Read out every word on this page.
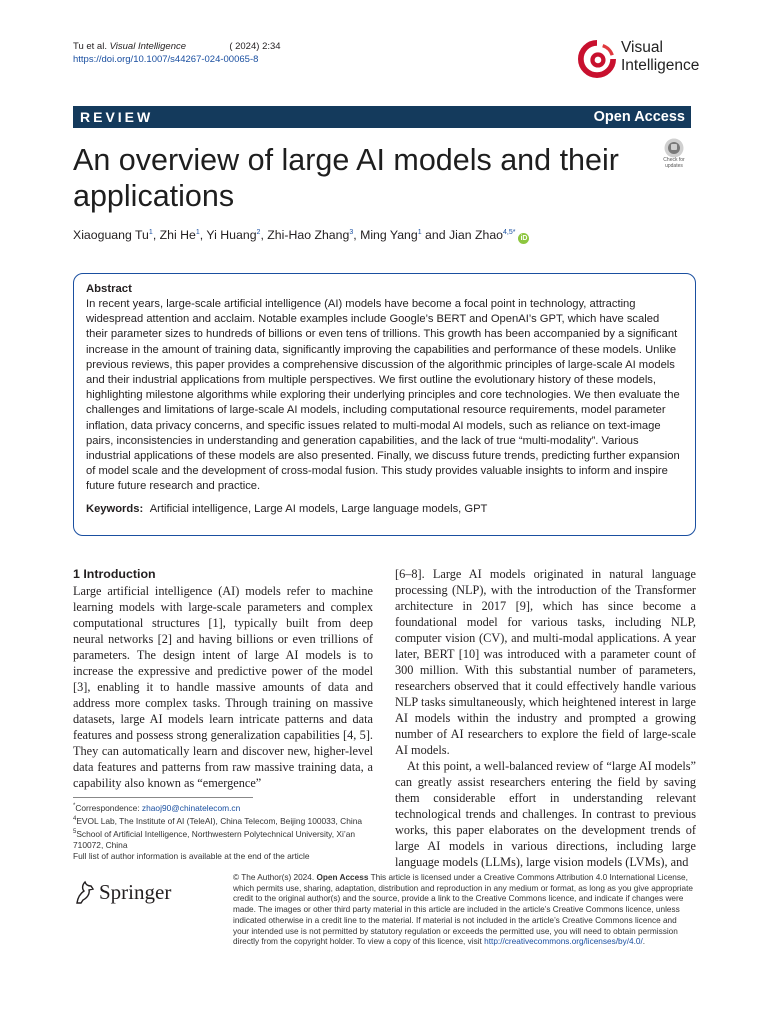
Tu et al. Visual Intelligence	( 2024) 2:34
https://doi.org/10.1007/s44267-024-00065-8
Visual
Intelligence
REVIEW	Open Access
An overview of large AI models and their applications
Check for
updates
Xiaoguang Tu$^1$, Zhi He$^1$, Yi Huang$^2$, Zhi-Hao Zhang$^3$, Ming Yang$^1$ and Jian Zhao$^{4,5*}$iD
Abstract

In recent years, large-scale artificial intelligence (AI) models have become a focal point in technology, attracting widespread attention and acclaim. Notable examples include Google’s BERT and OpenAI’s GPT, which have scaled their parameter sizes to hundreds of billions or even tens of trillions. This growth has been accompanied by a significant increase in the amount of training data, significantly improving the capabilities and performance of these models. Unlike previous reviews, this paper provides a comprehensive discussion of the algorithmic principles of large-scale AI models and their industrial applications from multiple perspectives. We first outline the evolutionary history of these models, highlighting milestone algorithms while exploring their underlying principles and core technologies. We then evaluate the challenges and limitations of large-scale AI models, including computational resource requirements, model parameter inflation, data privacy concerns, and specific issues related to multi-modal AI models, such as reliance on text-image pairs, inconsistencies in understanding and generation capabilities, and the lack of true “multi-modality”. Various industrial applications of these models are also presented. Finally, we discuss future trends, predicting further expansion of model scale and the development of cross-modal fusion. This study provides valuable insights to inform and inspire future future research and practice.

Keywords: Artificial intelligence, Large AI models, Large language models, GPT
1 Introduction

Large artificial intelligence (AI) models refer to machine learning models with large-scale parameters and complex computational structures [1], typically built from deep neural networks [2] and having billions or even trillions of parameters. The design intent of large AI models is to increase the expressive and predictive power of the model [3], enabling it to handle massive amounts of data and address more complex tasks. Through training on massive datasets, large AI models learn intricate patterns and data features and possess strong generalization capabilities [4, 5]. They can automatically learn and discover new, higher-level data features and patterns from raw massive training data, a capability also known as “emergence”

[6–8]. Large AI models originated in natural language processing (NLP), with the introduction of the Transformer architecture in 2017 [9], which has since become a foundational model for various tasks, including NLP, computer vision (CV), and multi-modal applications. A year later, BERT [10] was introduced with a parameter count of 300 million. With this substantial number of parameters, researchers observed that it could effectively handle various NLP tasks simultaneously, which heightened interest in large AI models within the industry and prompted a growing number of AI researchers to explore the field of large-scale AI models.

At this point, a well-balanced review of “large AI models” can greatly assist researchers entering the field by saving them considerable effort in understanding relevant technological trends and challenges. In contrast to previous works, this paper elaborates on the development trends of large AI models in various directions, including large language models (LLMs), large vision models (LVMs), and

*Correspondence: zhaoj90@chinatelecom.cn
$^4$EVOL Lab, The Institute of AI (TeleAI), China Telecom, Beijing 100033, China
$^5$School of Artificial Intelligence, Northwestern Polytechnical University, Xi’an 710072, China
Full list of author information is available at the end of the article
Springer
© The Author(s) 2024. Open Access This article is licensed under a Creative Commons Attribution 4.0 International License, which permits use, sharing, adaptation, distribution and reproduction in any medium or format, as long as you give appropriate credit to the original author(s) and the source, provide a link to the Creative Commons licence, and indicate if changes were made. The images or other third party material in this article are included in the article’s Creative Commons licence, unless indicated otherwise in a credit line to the material. If material is not included in the article’s Creative Commons licence and your intended use is not permitted by statutory regulation or exceeds the permitted use, you will need to obtain permission directly from the copyright holder. To view a copy of this licence, visit http://creativecommons.org/licenses/by/4.0/.
